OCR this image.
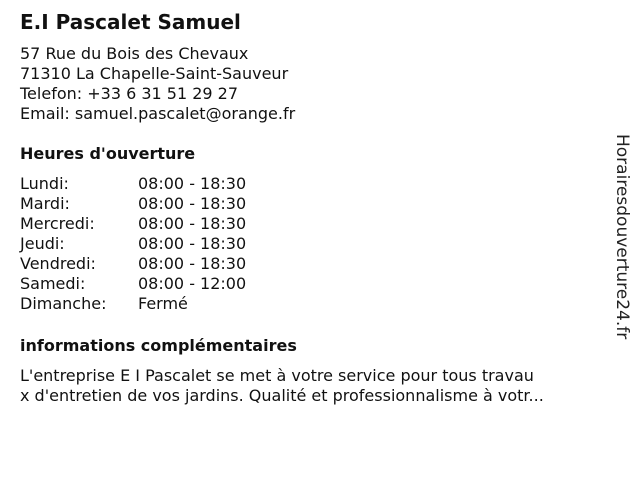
E.I Pascalet Samuel
57 Rue du Bois des Chevaux
71310 La Chapelle-Saint-Sauveur
Telefon: +33 6 31 51 29 27
Email: samuel.pascalet@orange.fr
Heures d'ouverture
Lundi:	08:00 - 18:30
Mardi:	08:00 - 18:30
Mercredi:	08:00 - 18:30
Jeudi:	08:00 - 18:30
Vendredi:	08:00 - 18:30
Samedi:	08:00 - 12:00
Dimanche:	Fermé
informations complémentaires

L'entreprise E I Pascalet se met à votre service pour tous travau
x d'entretien de vos jardins. Qualité et professionnalisme à votr...

Horairesdouverture24.fr
